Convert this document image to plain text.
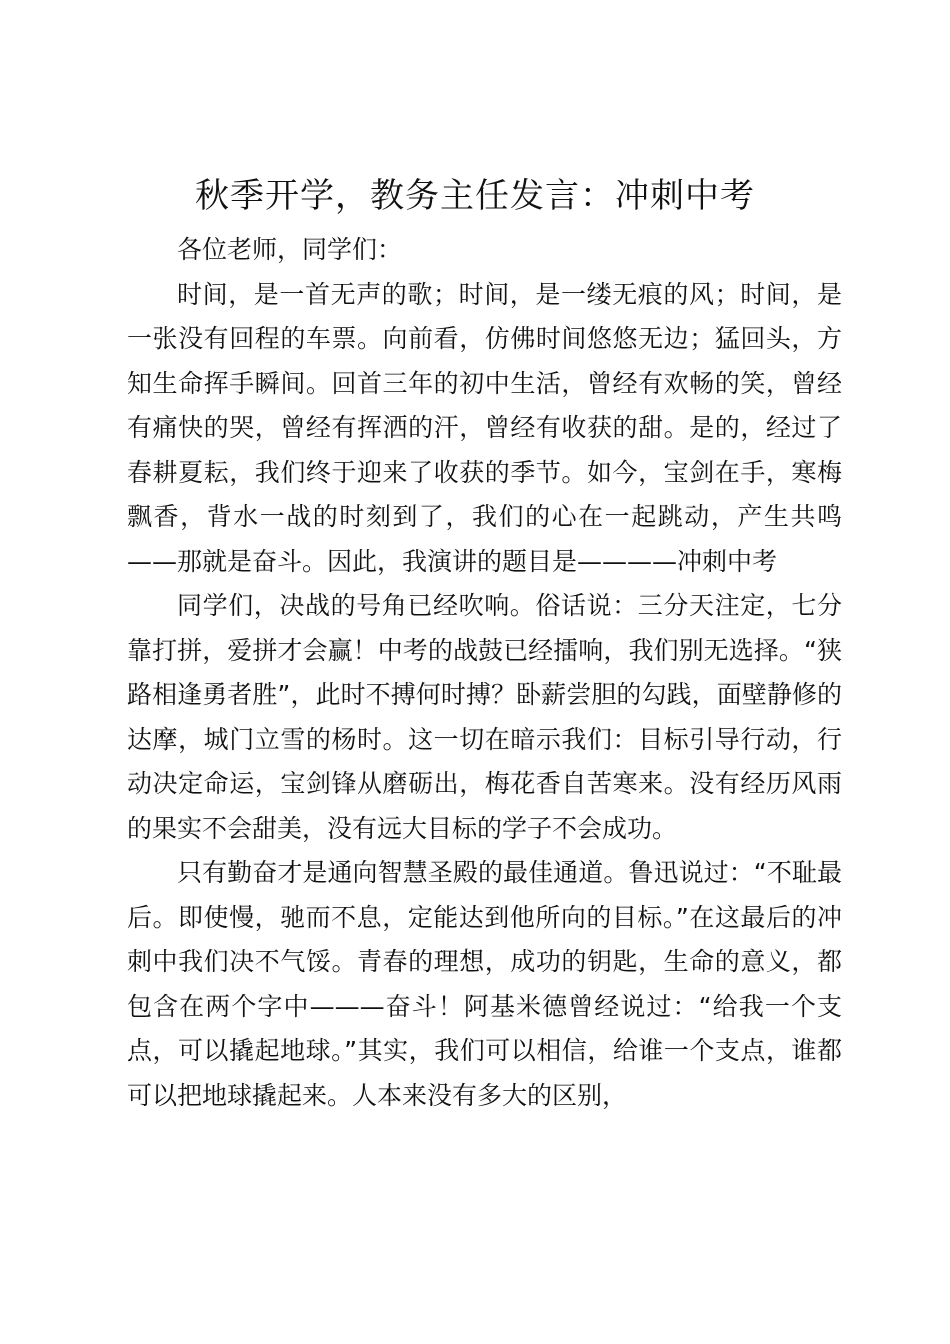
秋季开学，教务主任发言：冲刺中考

各位老师，同学们：

时间，是一首无声的歌；时间，是一缕无痕的风；时间，是一张没有回程的车票。向前看，仿佛时间悠悠无边；猛回头，方知生命挥手瞬间。回首三年的初中生活，曾经有欢畅的笑，曾经有痛快的哭，曾经有挥洒的汗，曾经有收获的甜。是的，经过了春耕夏耘，我们终于迎来了收获的季节。如今，宝剑在手，寒梅飘香，背水一战的时刻到了，我们的心在一起跳动，产生共鸣——那就是奋斗。因此，我演讲的题目是————冲刺中考

同学们，决战的号角已经吹响。俗话说：三分天注定，七分靠打拼，爱拼才会赢！中考的战鼓已经擂响，我们别无选择。“狭路相逢勇者胜”，此时不搏何时搏？卧薪尝胆的勾践，面壁静修的达摩，城门立雪的杨时。这一切在暗示我们：目标引导行动，行动决定命运，宝剑锋从磨砺出，梅花香自苦寒来。没有经历风雨的果实不会甜美，没有远大目标的学子不会成功。

只有勤奋才是通向智慧圣殿的最佳通道。鲁迅说过：“不耻最后。即使慢，驰而不息，定能达到他所向的目标。”在这最后的冲刺中我们决不气馁。青春的理想，成功的钥匙，生命的意义，都包含在两个字中———奋斗！阿基米德曾经说过：“给我一个支点，可以撬起地球。”其实，我们可以相信，给谁一个支点，谁都可以把地球撬起来。人本来没有多大的区别，
